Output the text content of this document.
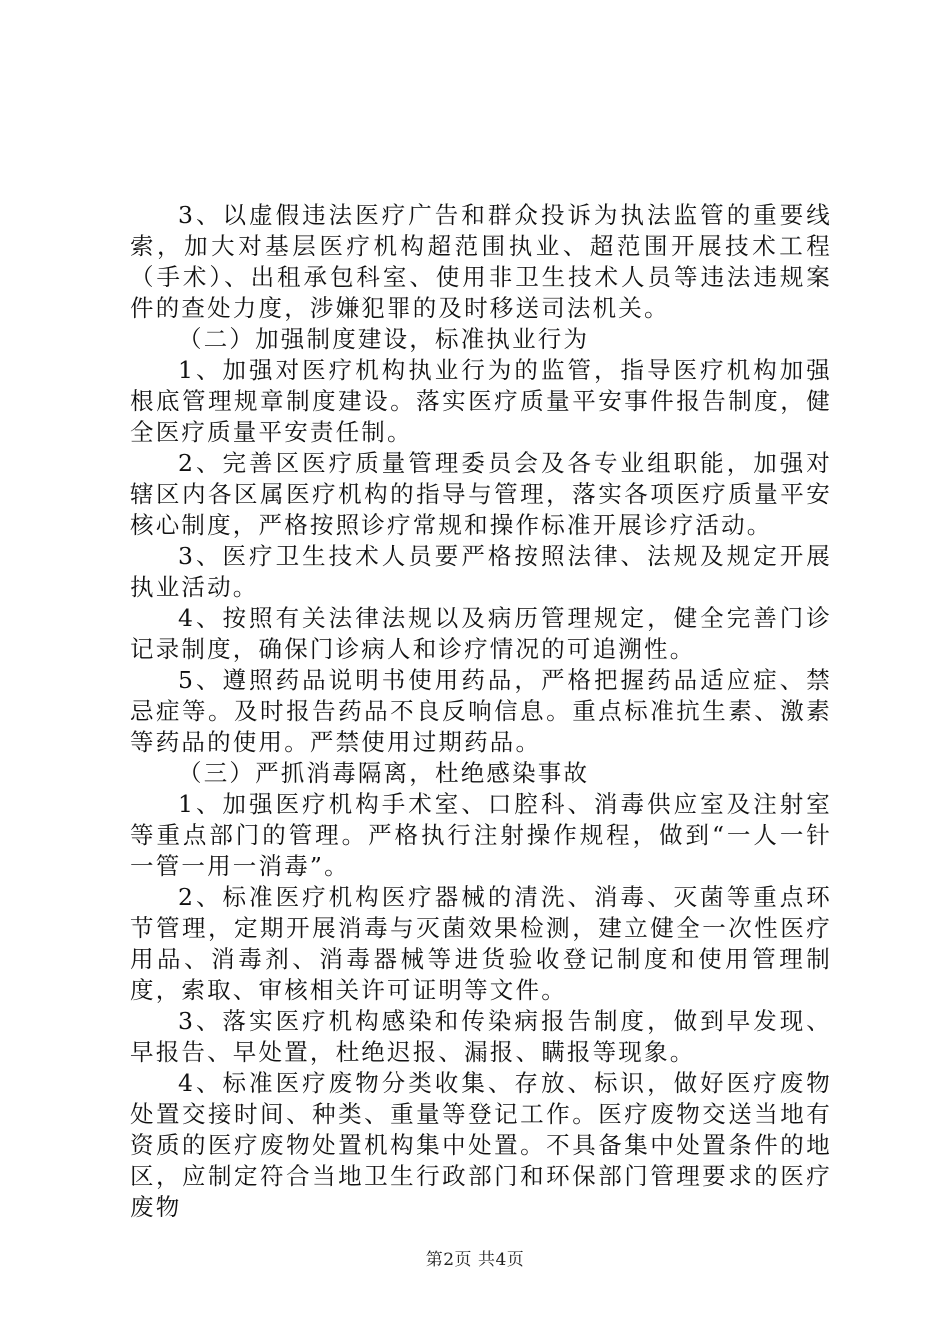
3、以虚假违法医疗广告和群众投诉为执法监管的重要线索，加大对基层医疗机构超范围执业、超范围开展技术工程（手术）、出租承包科室、使用非卫生技术人员等违法违规案件的查处力度，涉嫌犯罪的及时移送司法机关。

（二）加强制度建设，标准执业行为

1、加强对医疗机构执业行为的监管，指导医疗机构加强根底管理规章制度建设。落实医疗质量平安事件报告制度，健全医疗质量平安责任制。

2、完善区医疗质量管理委员会及各专业组职能，加强对辖区内各区属医疗机构的指导与管理，落实各项医疗质量平安核心制度，严格按照诊疗常规和操作标准开展诊疗活动。

3、医疗卫生技术人员要严格按照法律、法规及规定开展执业活动。

4、按照有关法律法规以及病历管理规定，健全完善门诊记录制度，确保门诊病人和诊疗情况的可追溯性。

5、遵照药品说明书使用药品，严格把握药品适应症、禁忌症等。及时报告药品不良反响信息。重点标准抗生素、激素等药品的使用。严禁使用过期药品。

（三）严抓消毒隔离，杜绝感染事故

1、加强医疗机构手术室、口腔科、消毒供应室及注射室等重点部门的管理。严格执行注射操作规程，做到“一人一针一管一用一消毒”。

2、标准医疗机构医疗器械的清洗、消毒、灭菌等重点环节管理，定期开展消毒与灭菌效果检测，建立健全一次性医疗用品、消毒剂、消毒器械等进货验收登记制度和使用管理制度，索取、审核相关许可证明等文件。

3、落实医疗机构感染和传染病报告制度，做到早发现、早报告、早处置，杜绝迟报、漏报、瞒报等现象。

4、标准医疗废物分类收集、存放、标识，做好医疗废物处置交接时间、种类、重量等登记工作。医疗废物交送当地有资质的医疗废物处置机构集中处置。不具备集中处置条件的地区，应制定符合当地卫生行政部门和环保部门管理要求的医疗废物

第2页 共4页
